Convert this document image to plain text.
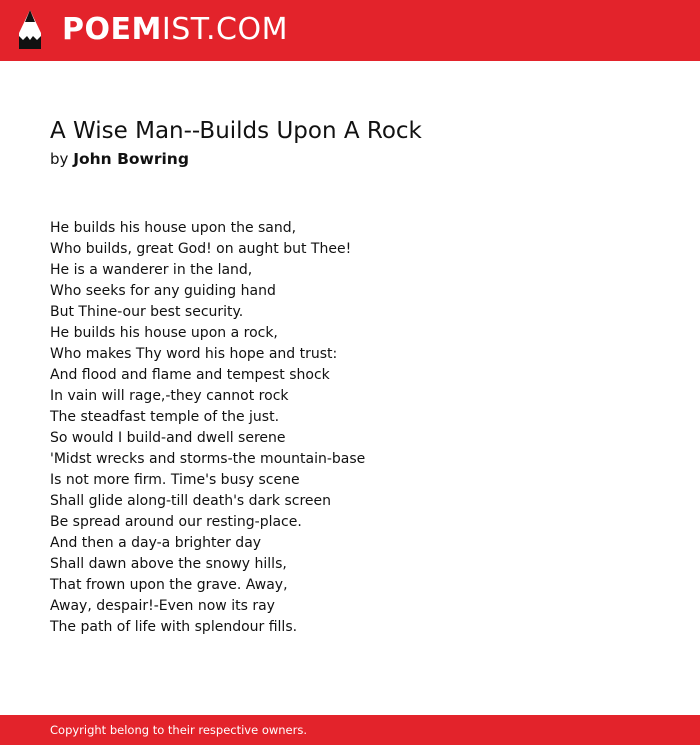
POEMIST.COM
A Wise Man--Builds Upon A Rock
by John Bowring
He builds his house upon the sand,
Who builds, great God! on aught but Thee!
He is a wanderer in the land,
Who seeks for any guiding hand
But Thine-our best security.
He builds his house upon a rock,
Who makes Thy word his hope and trust:
And flood and flame and tempest shock
In vain will rage,-they cannot rock
The steadfast temple of the just.
So would I build-and dwell serene
'Midst wrecks and storms-the mountain-base
Is not more firm. Time's busy scene
Shall glide along-till death's dark screen
Be spread around our resting-place.
And then a day-a brighter day
Shall dawn above the snowy hills,
That frown upon the grave. Away,
Away, despair!-Even now its ray
The path of life with splendour fills.
Copyright belong to their respective owners.
